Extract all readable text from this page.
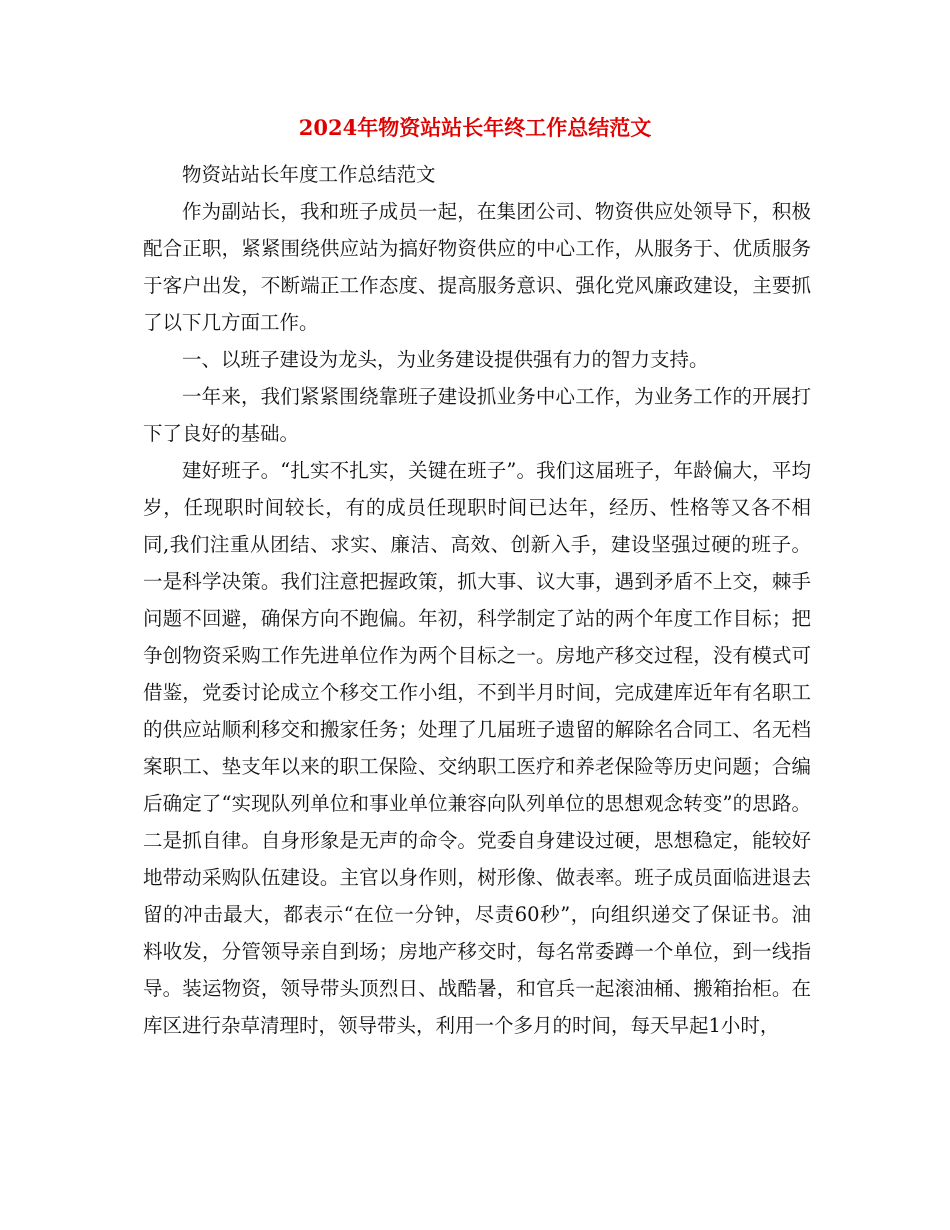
2024年物资站站长年终工作总结范文

物资站站长年度工作总结范文

作为副站长，我和班子成员一起，在集团公司、物资供应处领导下，积极配合正职，紧紧围绕供应站为搞好物资供应的中心工作，从服务于、优质服务于客户出发，不断端正工作态度、提高服务意识、强化党风廉政建设，主要抓了以下几方面工作。

一、以班子建设为龙头，为业务建设提供强有力的智力支持。

一年来，我们紧紧围绕靠班子建设抓业务中心工作，为业务工作的开展打下了良好的基础。

建好班子。“扎实不扎实，关键在班子”。我们这届班子，年龄偏大，平均岁，任现职时间较长，有的成员任现职时间已达年，经历、性格等又各不相同,我们注重从团结、求实、廉洁、高效、创新入手，建设坚强过硬的班子。一是科学决策。我们注意把握政策，抓大事、议大事，遇到矛盾不上交，棘手问题不回避，确保方向不跑偏。年初，科学制定了站的两个年度工作目标；把争创物资采购工作先进单位作为两个目标之一。房地产移交过程，没有模式可借鉴，党委讨论成立个移交工作小组，不到半月时间，完成建库近年有名职工的供应站顺利移交和搬家任务；处理了几届班子遗留的解除名合同工、名无档案职工、垫支年以来的职工保险、交纳职工医疗和养老保险等历史问题；合编后确定了“实现队列单位和事业单位兼容向队列单位的思想观念转变”的思路。二是抓自律。自身形象是无声的命令。党委自身建设过硬，思想稳定，能较好地带动采购队伍建设。主官以身作则，树形像、做表率。班子成员面临进退去留的冲击最大，都表示“在位一分钟，尽责60秒”，向组织递交了保证书。油料收发，分管领导亲自到场；房地产移交时，每名常委蹲一个单位，到一线指导。装运物资，领导带头顶烈日、战酷暑，和官兵一起滚油桶、搬箱抬柜。在库区进行杂草清理时，领导带头，利用一个多月的时间，每天早起1小时，
